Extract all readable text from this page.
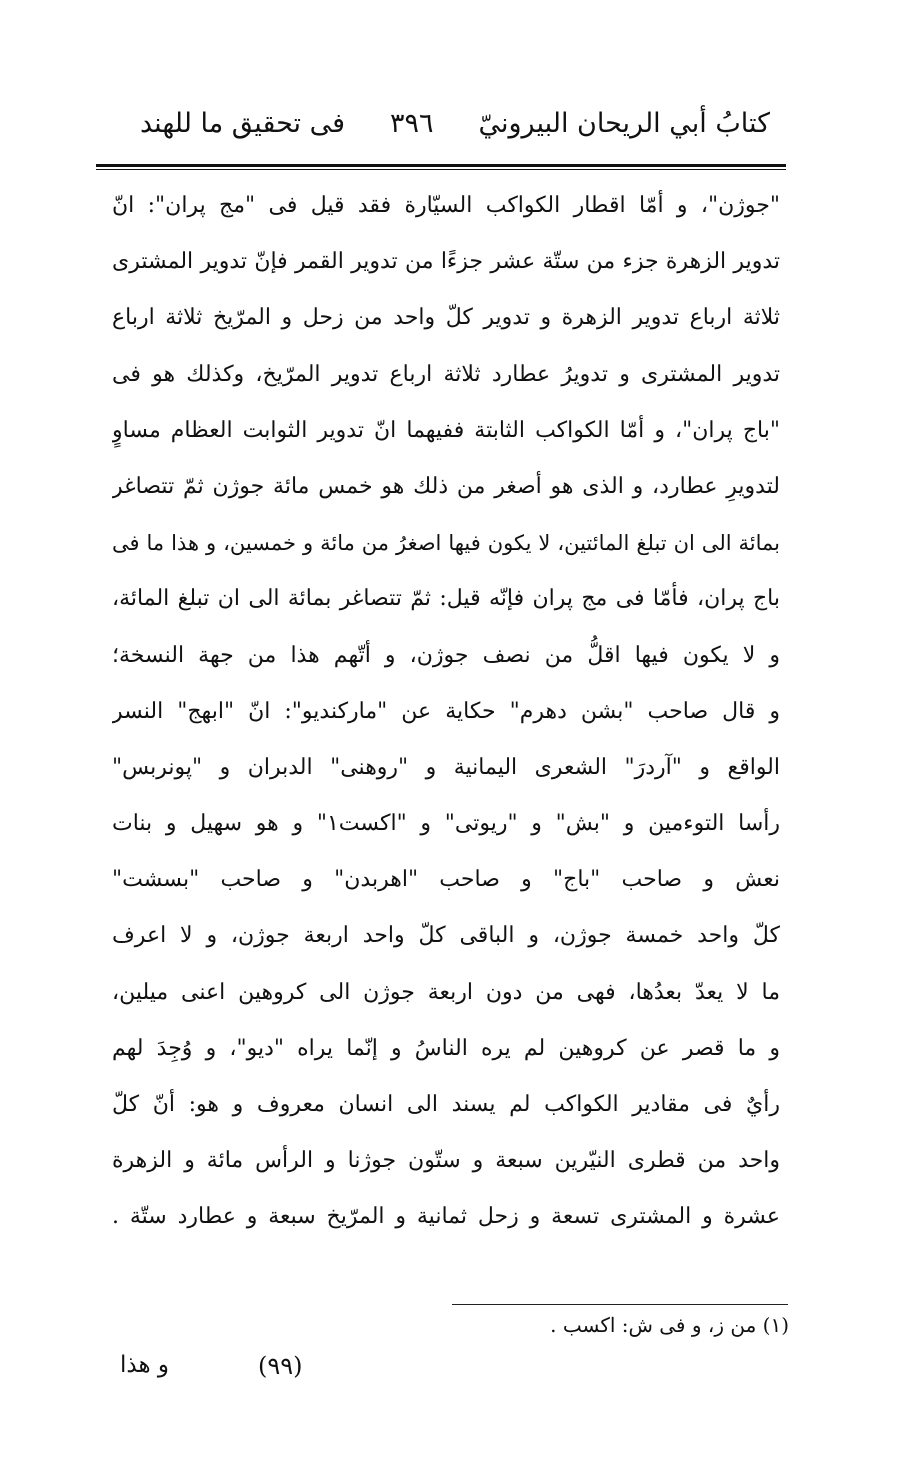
كتابُ أبي الريحان البيرونيّ
٣٩٦
فى تحقيق ما للهند
"جوژن"، و أمّا اقطار الكواكب السيّارة فقد قيل فى "مج پران": انّ
تدوير الزهرة جزء من ستّة عشر جزءًا من تدوير القمر فإنّ تدوير المشترى
ثلاثة ارباع تدوير الزهرة و تدوير كلّ واحد من زحل و المرّيخ ثلاثة ارباع
تدوير المشترى و تدويرُ عطارد ثلاثة ارباع تدوير المرّيخ، وكذلك هو فى
"باج پران"، و أمّا الكواكب الثابتة ففيهما انّ تدوير الثوابت العظام مساوٍ
لتدويرِ عطارد، و الذى هو أصغر من ذلك هو خمس مائة جوژن ثمّ تتصاغر
بمائة الى ان تبلغ المائتين، لا يكون فيها اصغرُ من مائة و خمسين، و هذا ما فى
باج پران، فأمّا فى مج پران فإنّه قيل: ثمّ تتصاغر بمائة الى ان تبلغ المائة،
و لا يكون فيها اقلُّ من نصف جوژن، و أتّهم هذا من جهة النسخة؛
و قال صاحب "بشن دهرم" حكاية عن "ماركنديو": انّ "ابهج" النسر
الواقع و "آردرَ" الشعرى اليمانية و "روهنى" الدبران و "پونربس"
رأسا التوءمين و "بش" و "ريوتى" و "اكست١" و هو سهيل و بنات
نعش و صاحب "باج" و صاحب "اهربدن" و صاحب "بسشت"
كلّ واحد خمسة جوژن، و الباقى كلّ واحد اربعة جوژن، و لا اعرف
ما لا يعدّ بعدُها، فهى من دون اربعة جوژن الى كروهين اعنى ميلين،
و ما قصر عن كروهين لم يره الناسُ و إنّما يراه "ديو"، و وُجِدَ لهم
رأيٌ فى مقادير الكواكب لم يسند الى انسان معروف و هو: أنّ كلّ
واحد من قطرى النيّرين سبعة و ستّون جوژنا و الرأس مائة و الزهرة
عشرة و المشترى تسعة و زحل ثمانية و المرّيخ سبعة و عطارد ستّة .
(١) من ز، و فى ش: اكسب .
(٩٩)
و هذا
